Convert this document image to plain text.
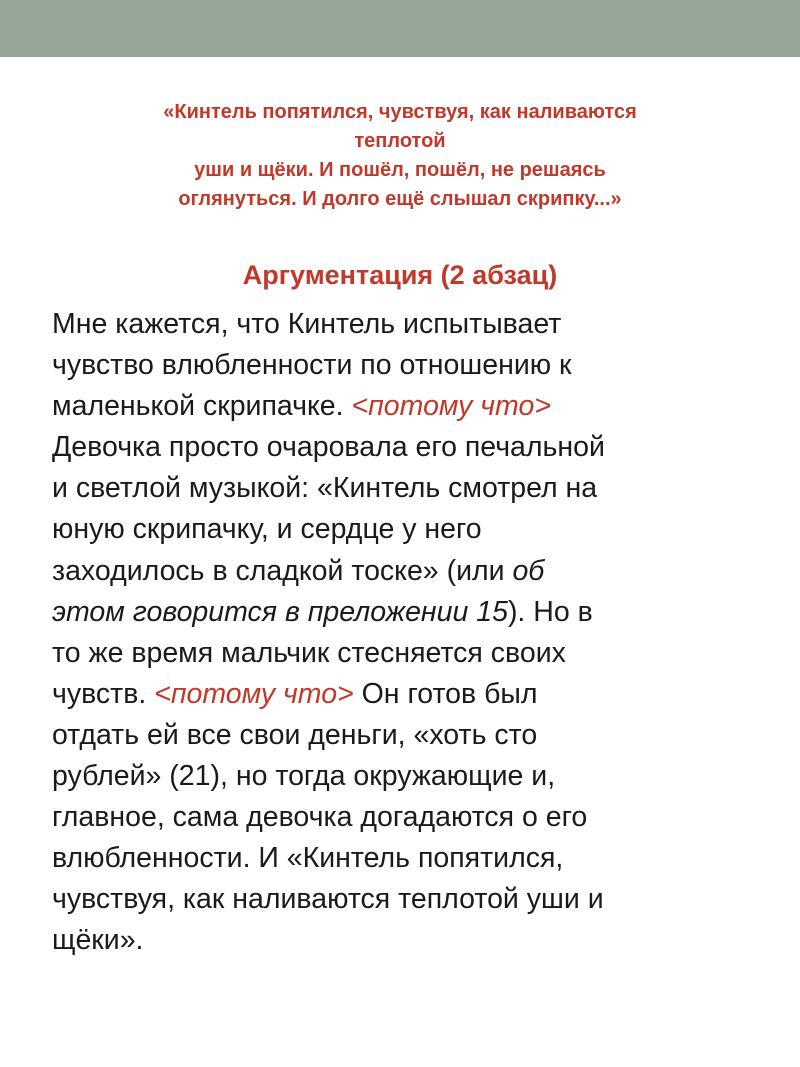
«Кинтель попятился, чувствуя, как наливаются
теплотой
уши и щёки. И пошёл, пошёл, не решаясь
оглянуться. И долго ещё слышал скрипку...»
Аргументация (2 абзац)
Мне кажется, что Кинтель испытывает
чувство влюбленности по отношению к
маленькой скрипачке. <потому что>
Девочка просто очаровала его печальной
и светлой музыкой: «Кинтель смотрел на
юную скрипачку, и сердце у него
заходилось в сладкой тоске» (или об
этом говорится в преложении 15). Но в
то же время мальчик стесняется своих
чувств. <потому что> Он готов был
отдать ей все свои деньги, «хоть сто
рублей» (21), но тогда окружающие и,
главное, сама девочка догадаются о его
влюбленности. И «Кинтель попятился,
чувствуя, как наливаются теплотой уши и
щёки».
